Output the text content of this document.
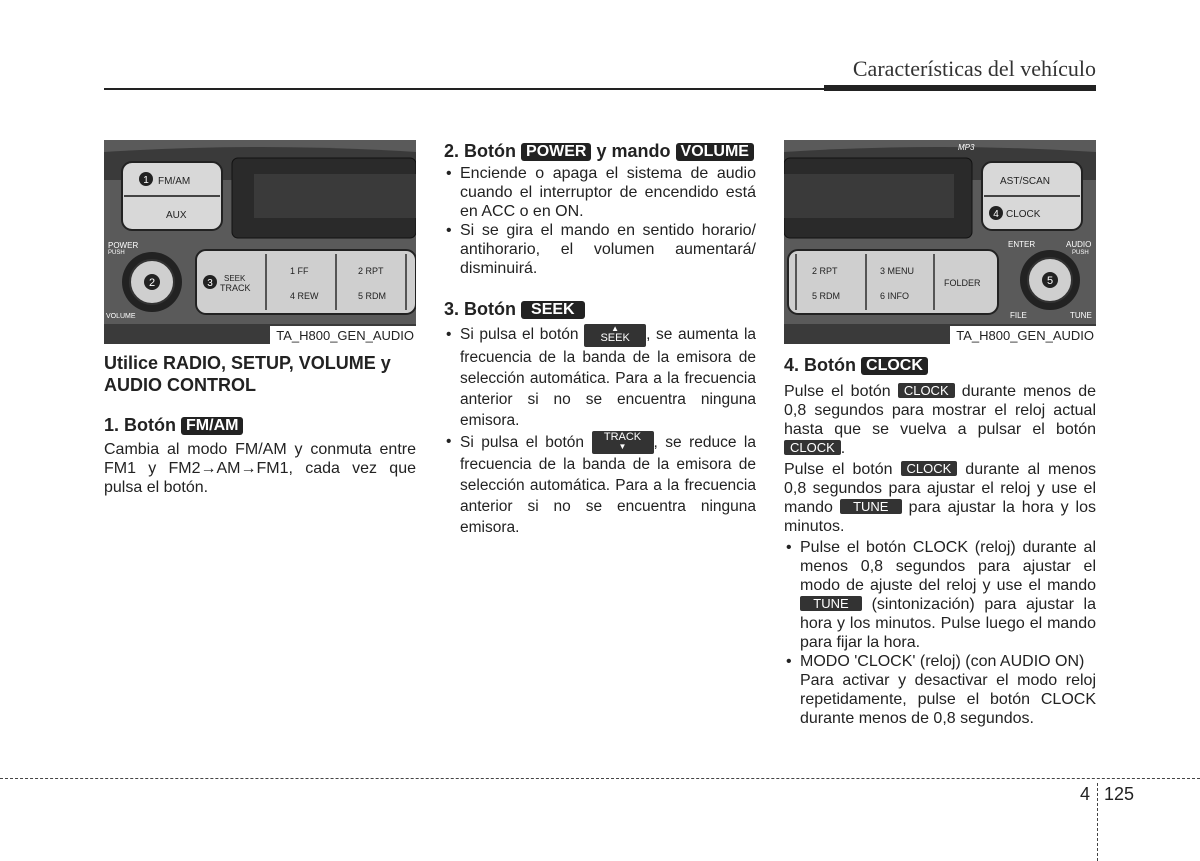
Características del vehículo
1 FM/AM
AUX
POWER
PUSH
VOLUME
2	3 SEEK
TRACK
1 FF	2 RPT
4 REW	5 RDM
TA_H800_GEN_AUDIO

Utilice RADIO, SETUP, VOLUME y AUDIO CONTROL

1. Botón FM/AM

Cambia al modo FM/AM y conmuta entre FM1 y FM2→AM→FM1, cada vez que pulsa el botón.

2. Botón POWER y mando VOLUME
• Enciende o apaga el sistema de audio cuando el interruptor de encendido está en ACC o en ON.
• Si se gira el mando en sentido horario/ antihorario, el volumen aumentará/ disminuirá.
3. Botón SEEK
• Si pulsa el botón	▲
SEEK , se aumenta la frecuencia de la banda de la emisora de selección automática. Para a la frecuencia anterior si no se encuentra ninguna emisora.
• Si pulsa el botón TRACK
▼	, se reduce la frecuencia de la banda de la emisora de selección automática. Para a la frecuencia anterior si no se encuentra ninguna emisora.
MP3
AST/SCAN
4 CLOCK
ENTER	AUDIO
PUSH
2 RPT	3 MENU
5 RDM	6 INFO
FOLDER	5
FILE	TUNE
TA_H800_GEN_AUDIO
4. Botón CLOCK

Pulse el botón CLOCK durante menos de 0,8 segundos para mostrar el reloj actual hasta que se vuelva a pulsar el botónCLOCK .

Pulse el botón CLOCK durante al menos 0,8 segundos para ajustar el reloj y use el mando TUNE para ajustar la hora y los minutos.

• Pulse el botón CLOCK (reloj) durante al menos 0,8 segundos para ajustar el modo de ajuste del reloj y use el mando TUNE (sintonización) para ajustar la hora y los minutos. Pulse luego el mando para fijar la hora.
• MODO 'CLOCK' (reloj) (con AUDIO ON)
Para activar y desactivar el modo reloj repetidamente, pulse el botón CLOCK durante menos de 0,8 segundos.
4 125
